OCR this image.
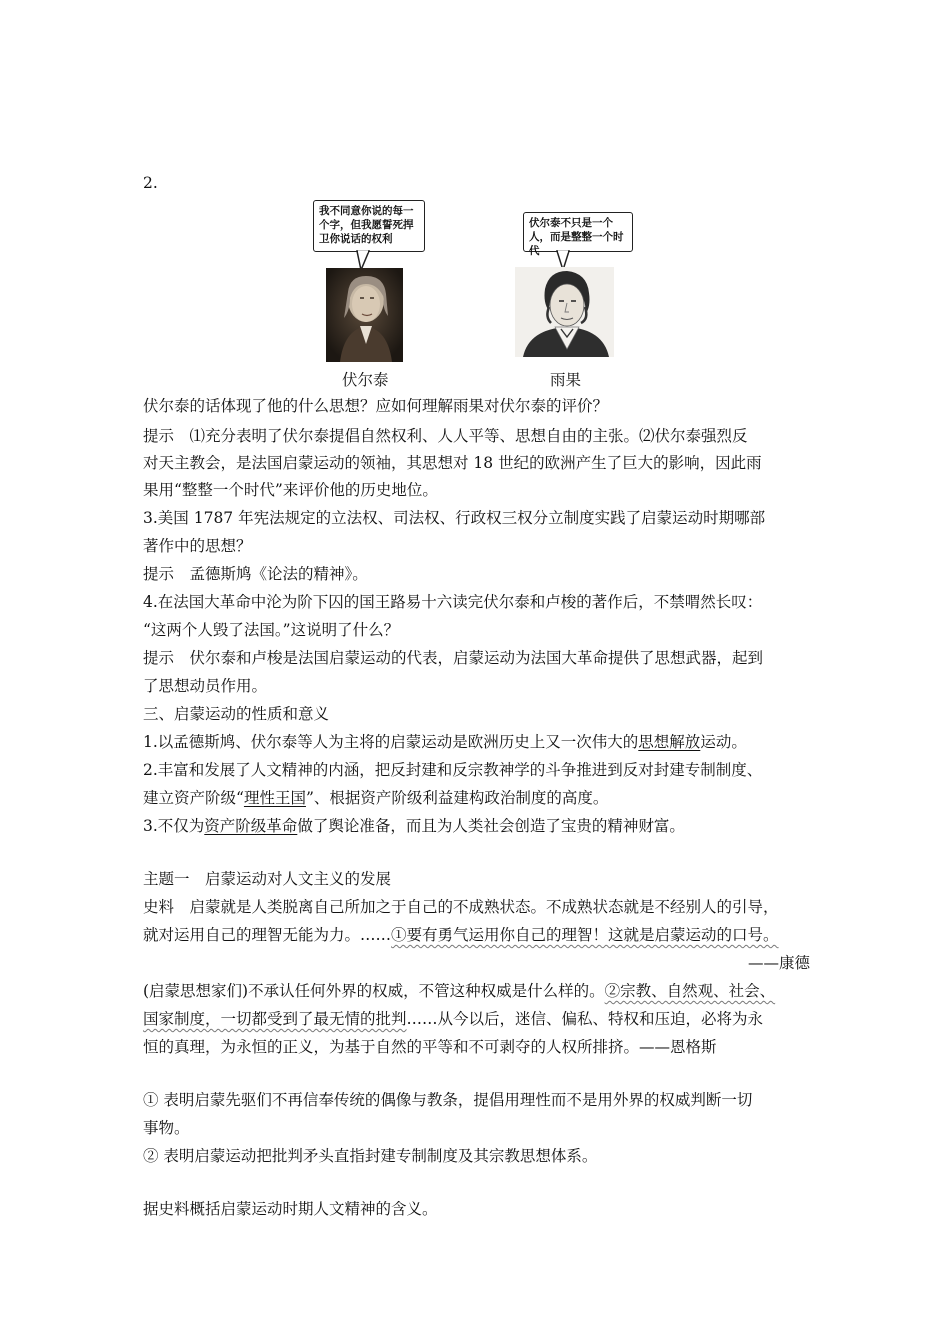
2.
我不同意你说的每一个字，但我愿誓死捍卫你说话的权利
伏尔泰不只是一个人，而是整整一个时代
伏尔泰	雨果
伏尔泰的话体现了他的什么思想？应如何理解雨果对伏尔泰的评价？
提示　⑴充分表明了伏尔泰提倡自然权利、人人平等、思想自由的主张。⑵伏尔泰强烈反
对天主教会，是法国启蒙运动的领袖，其思想对 18 世纪的欧洲产生了巨大的影响，因此雨
果用“整整一个时代”来评价他的历史地位。
3.美国 1787 年宪法规定的立法权、司法权、行政权三权分立制度实践了启蒙运动时期哪部
著作中的思想？
提示　孟德斯鸠《论法的精神》。
4.在法国大革命中沦为阶下囚的国王路易十六读完伏尔泰和卢梭的著作后，不禁喟然长叹：
“这两个人毁了法国。”这说明了什么？
提示　伏尔泰和卢梭是法国启蒙运动的代表，启蒙运动为法国大革命提供了思想武器，起到
了思想动员作用。
三、启蒙运动的性质和意义
1.以孟德斯鸠、伏尔泰等人为主将的启蒙运动是欧洲历史上又一次伟大的思想解放运动。
2.丰富和发展了人文精神的内涵，把反封建和反宗教神学的斗争推进到反对封建专制制度、
建立资产阶级“理性王国”、根据资产阶级利益建构政治制度的高度。
3.不仅为资产阶级革命做了舆论准备，而且为人类社会创造了宝贵的精神财富。
主题一　启蒙运动对人文主义的发展
史料　启蒙就是人类脱离自己所加之于自己的不成熟状态。不成熟状态就是不经别人的引导，
就对运用自己的理智无能为力。……①要有勇气运用你自己的理智！这就是启蒙运动的口号。
——康德
(启蒙思想家们)不承认任何外界的权威，不管这种权威是什么样的。②宗教、自然观、社会、
国家制度，一切都受到了最无情的批判……从今以后，迷信、偏私、特权和压迫，必将为永
恒的真理，为永恒的正义，为基于自然的平等和不可剥夺的人权所排挤。——恩格斯
① 表明启蒙先驱们不再信奉传统的偶像与教条，提倡用理性而不是用外界的权威判断一切
事物。
② 表明启蒙运动把批判矛头直指封建专制制度及其宗教思想体系。
据史料概括启蒙运动时期人文精神的含义。
